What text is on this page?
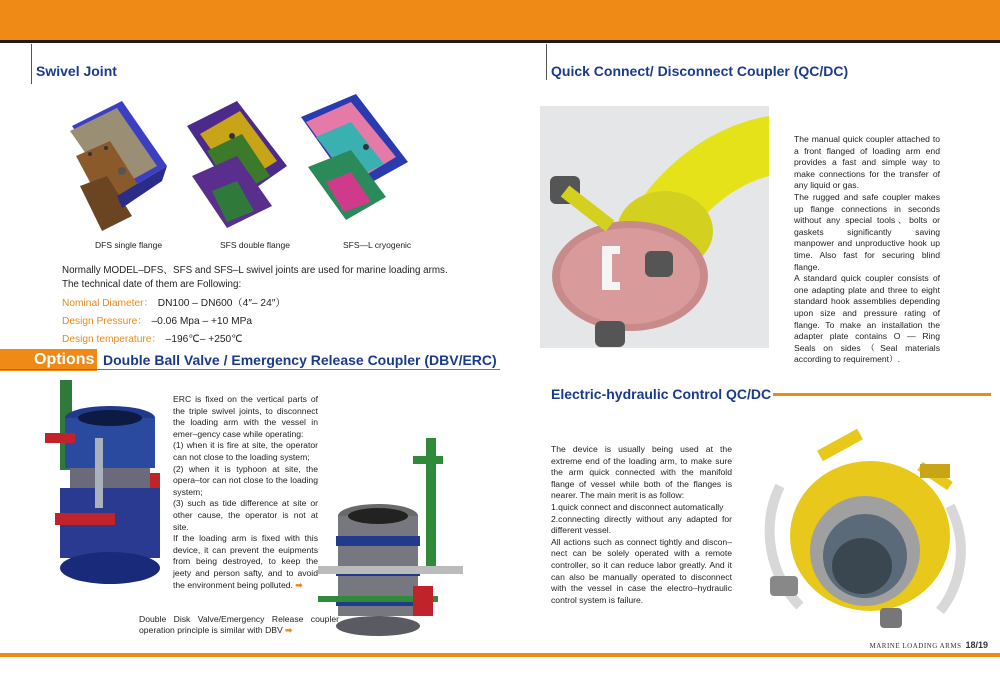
Swivel Joint
DFS single flange	SFS double flange	SFS—L cryogenic
Normally MODEL–DFS、SFS and SFS–L swivel joints are used for marine loading arms. The technical date of them are Following:
Nominal Diameter： DN100 – DN600（4″– 24″）
Design Pressure： –0.06 Mpa – +10 MPa
Design temperature： –196℃– +250℃
Options Double Ball Valve / Emergency Release Coupler (DBV/ERC)

ERC is fixed on the vertical parts of the triple swivel joints, to disconnect the loading arm with the vessel in emer–gency case while operating:

(1) when it is fire at site, the operator can not close to the loading system;

(2) when it is typhoon at site, the opera–tor can not close to the loading system;

(3) such as tide difference at site or other cause, the operator is not at site.

If the loading arm is fixed with this device, it can prevent the euipments from being destroyed, to keep the jeety and person safty, and to avoid the environment being polluted. ➡

Double Disk Valve/Emergency Release coupler operation principle is similar with DBV ➡
Quick Connect/ Disconnect Coupler (QC/DC)

The manual quick coupler attached to a front flanged of loading arm end provides a fast and simple way to make connections for the transfer of any liquid or gas.

The rugged and safe coupler makes up flange connections in seconds without any special tools、bolts or gaskets significantly saving manpower and unproductive hook up time. Also fast for securing blind flange.

A standard quick coupler consists of one adapting plate and three to eight standard hook assemblies depending upon size and pressure rating of flange. To make an installation the adapter plate contains O — Ring Seals on sides（Seal materials according to requirement）.

Electric-hydraulic Control QC/DC

The device is usually being used at the extreme end of the loading arm, to make sure the arm quick connected with the manifold flange of vessel while both of the flanges is nearer. The main merit is as follow:

1.quick connect and disconnect automatically

2.connecting directly without any adapted for different vessel.

All actions such as connect tightly and discon–nect can be solely operated with a remote controller, so it can reduce labor greatly. And it can also be manually operated to disconnect with the vessel in case the electro–hydraulic control system is failure.

MARINE LOADING ARMS 18/19
